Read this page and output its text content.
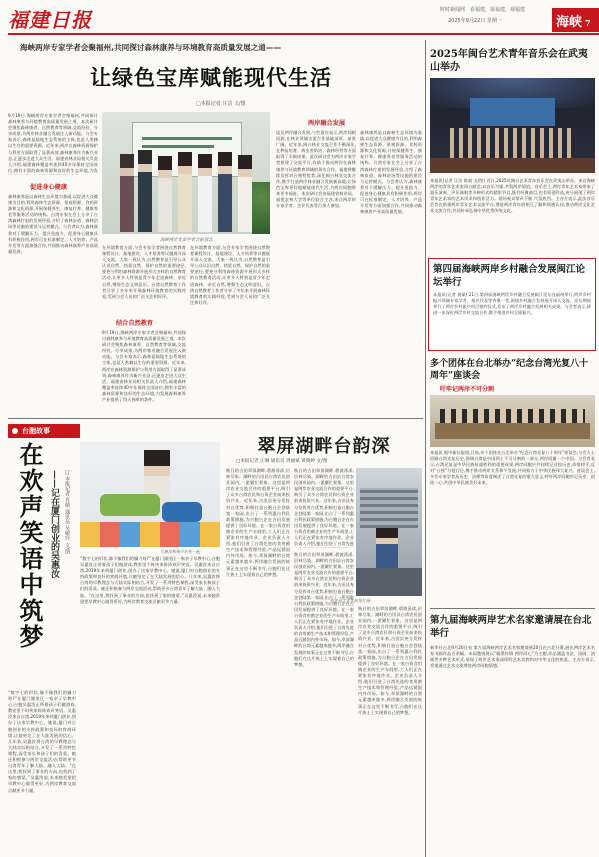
福建日报	时时新闻网 看福建，报福建，观福建
2025年9月22日 星期一	海峡 7
海峡两岸专家学者会聚福州,共同探讨森林康养与环境教育高质量发展之道——
让绿色宝库赋能现代生活
□本报记者 汪洁 文/图
9月19日,海峡两岸专家学者会聚福州,共同探讨森林康养与环境教育高质量发展之道。本次研讨会聚焦森林康养、自然教育等领域,交流经验、分享成果,为两岸林业融合发展注入新动能。与会专家表示,森林是陆地生态系统的主体,也是人类赖以生存的重要资源。近年来,两岸在森林资源保护与利用方面取得了显著成效,森林康养作为新兴业态,正逐步走进大众生活。福建省林业局相关负责人介绍,福建森林覆盖率连续40多年保持全国首位,拥有丰富的森林资源和良好的生态环境,为发
促进身心健康
森林康养是以森林生态环境为基础,以促进大众健康为目的,利用森林生态资源、景观资源、食药资源和文化资源,开展保健养生、康复疗养、健康养老等服务活动的统称。台湾专家在会上分享了台湾森林疗愈的发展经验,介绍了森林步道、森林浴场等设施的建设与运营模式。与会者认为,森林康养对于缓解压力、提升免疫力、促进身心健康具有积极作用,两岸可在标准制定、人才培养、产品开发等方面加强合作,共同推动森林康养产业高质量发展。
海峡两岸专家学者合影留念
在环境教育方面,与会专家学者围绕自然教育课程设计、基地建设、人才培养等议题展开深入交流。大家一致认为,自然教育是引导公众认识自然、热爱自然、保护自然的重要途径,要充分利用森林资源开展形式多样的自然教育活动,让更多人特别是青少年走进森林、亲近自然,增强生态文明意识。台湾自然教育工作者分享了多年来开展森林环境教育的实践经验,受到与会人员的广泛关注和好评。
结合自然教育
9月19日,海峡两岸专家学者会聚福州,共同探讨森林康养与环境教育高质量发展之道。本次研讨会聚焦森林康养、自然教育等领域,交流经验、分享成果,为两岸林业融合发展注入新动能。与会专家表示,森林是陆地生态系统的主体,也是人类赖以生存的重要资源。近年来,两岸在森林资源保护与利用方面取得了显著成效,森林康养作为新兴业态,正逐步走进大众生活。福建省林业局相关负责人介绍,福建森林覆盖率连续40多年保持全国首位,拥有丰富的森林资源和良好的生态环境,为发展森林康养产业提供了得天独厚的条件。
在环境教育方面,与会专家学者围绕自然教育课程设计、基地建设、人才培养等议题展开深入交流。大家一致认为,自然教育是引导公众认识自然、热爱自然、保护自然的重要途径,要充分利用森林资源开展形式多样的自然教育活动,让更多人特别是青少年走进森林、亲近自然,增强生态文明意识。台湾自然教育工作者分享了多年来开展森林环境教育的实践经验,受到与会人员的广泛关注和好评。
两岸融合发展
谈及两岸融合发展,与会嘉宾表示,两岸同根同源,在林业领域交流合作基础深厚、前景广阔。近年来,闽台林业交流合作不断深化,在种苗培育、病虫害防治、森林经营等方面取得了丰硕成果。此次研讨会为两岸专家学者搭建了交流平台,有助于推动两岸在森林康养与环境教育领域的务实合作。福建将继续发挥对台独特优势,深化闽台林业交流合作,携手打造两岸林业融合发展新高地,让绿色宝库更好地赋能现代生活,为两岸同胞带来更多福祉。本次研讨会由福建省林业局、福建农林大学等单位联合主办,来自两岸的专家学者、企业代表等百余人参加。
森林康养是以森林生态环境为基础,以促进大众健康为目的,利用森林生态资源、景观资源、食药资源和文化资源,开展保健养生、康复疗养、健康养老等服务活动的统称。台湾专家在会上分享了台湾森林疗愈的发展经验,介绍了森林步道、森林浴场等设施的建设与运营模式。与会者认为,森林康养对于缓解压力、提升免疫力、促进身心健康具有积极作用,两岸可在标准制定、人才培养、产品开发等方面加强合作,共同推动森林康养产业高质量发展。
2025年闽台艺术青年音乐会在武夷山举办
本报讯(记者 汪洁 陈斌 文/图) 近日,2025年闽台艺术青年音乐会在武夷山举办。来自海峡两岸的青年艺术家同台献艺,以音乐为媒,共叙两岸情谊。音乐会上,两岸青年艺术家带来了器乐演奏、声乐演唱等多种形式的精彩节目,既有经典曲目,也有原创作品,充分展现了两岸青年艺术家的艺术风采和创作活力。现场观众掌声不断,气氛热烈。主办方表示,此次音乐会旨在搭建两岸青年艺术交流平台,增进两岸青年的相互了解和情感认同,推动两岸文化艺术交流合作,共同传承弘扬中华优秀传统文化。
第四届海峡两岸乡村融合发展闽江论坛举行
本报讯(记者 祝斌) 21日,第四届海峡两岸乡村融合发展闽江论坛在福州举行,两岸乡村振兴领域专家学者、基层代表等齐聚一堂,围绕乡村融合发展展开深入交流。论坛期间举行了两岸乡村振兴项目签约仪式,发布了两岸乡村融合发展相关成果。与会者表示,将进一步深化两岸乡村交流合作,携手推进乡村全面振兴。
多个团体在台北举办“纪念台湾光复八十周年”座谈会
吁牢记两岸不可分割
本报讯 据中新社报道,日前,多个团体在台北举办“纪念台湾光复八十周年”座谈会,与会人士回顾台湾光复历史,强调台湾是中国领土不可分割的一部分,两岸同属一个中国。与会者表示,台湾光复是中华民族抗战胜利的重要成果,两岸同胞应共同铭记这段历史,珍惜和平,反对“台独”分裂行径,携手推动两岸关系和平发展,共同致力于中华民族伟大复兴。座谈会上,多位专家学者从历史、法理等角度阐述了台湾光复的重大意义,呼吁两岸同胞牢记历史、团结一心,共创中华民族美好未来。
第九届海峡两岸艺术名家邀请展在台北举行
新华社台北9月20日电 第九届海峡两岸艺术名家邀请展20日在台北开幕,展出两岸艺术名家书画作品百余幅。本届邀请展以“翰墨传情 两岸同心”为主题,作品涵盖书法、国画、油画等多种艺术形式,展现了两岸艺术家深厚的艺术功底和对中华文化的热爱。主办方表示,希望通过艺术交流增进两岸同胞情感。
台胞故事
在欢声笑语中筑梦 ——记在厦门创业的吴惠汝	□本报记者 肖榕 通讯员 吴敏玲 文/图	吴惠汝和孩子们在一起
“数字七的形状,像不像我们的镰刀呀?”在厦门湖里区一家亲子早教中心,台胞吴惠汝正带着孩子们做游戏,教室里不时传来阵阵欢声笑语。吴惠汝来自台湾,2019年来到厦门创业,创办了这家早教中心。她说,厦门对台胞创业的支持政策和良好的营商环境,让她坚定了在大陆发展的信心。几年来,吴惠汝将台湾的早教理念与大陆实际相结合,开发了一系列特色课程,深受家长和孩子们的喜爱。她还积极参与两岸交流活动,帮助更多台湾青年了解大陆、融入大陆。“在这里,我找到了事业的方向,也找到了家的感觉。”吴惠汝说,未来她希望把早教中心做得更好,为两岸教育交流贡献更多力量。
“数字七的形状,像不像我们的镰刀呀?”在厦门湖里区一家亲子早教中心,台胞吴惠汝正带着孩子们做游戏,教室里不时传来阵阵欢声笑语。吴惠汝来自台湾,2019年来到厦门创业,创办了这家早教中心。她说,厦门对台胞创业的支持政策和良好的营商环境,让她坚定了在大陆发展的信心。几年来,吴惠汝将台湾的早教理念与大陆实际相结合,开发了一系列特色课程,深受家长和孩子们的喜爱。她还积极参与两岸交流活动,帮助更多台湾青年了解大陆、融入大陆。“在这里,我找到了事业的方向,也找到了家的感觉。”吴惠汝说,未来她希望把早教中心做得更好,为两岸教育交流贡献更多力量。
翠屏湖畔台韵深
□本报记者 庄琳 通讯员 周丽斌 黄晓婷 文/图
秋日的古田翠屏湖畔,碧波荡漾,层林尽染。湖畔的古田县台湾农民创业园内,一派繁忙景象。这里是两岸农业交流合作的重要平台,吸引了众多台湾农民和台资企业前来投资兴业。近年来,古田县充分发挥对台优势,积极打造台胞台企登陆第一家园,出台了一系列惠台利民政策措施,为台胞台企在古田发展提供了良好环境。在一家台资食用菌企业的生产车间里,工人们正在紧张有序地作业。企业负责人介绍,他们引进了台湾先进的食用菌生产技术和管理经验,产品远销国内外市场。如今,翠屏湖畔的台湾元素越来越多,两岸融合发展的故事正在这里不断书写,台胞们在这片热土上实现着自己的梦想。
秋日的古田翠屏湖畔,碧波荡漾,层林尽染。湖畔的古田县台湾农民创业园内,一派繁忙景象。这里是两岸农业交流合作的重要平台,吸引了众多台湾农民和台资企业前来投资兴业。近年来,古田县充分发挥对台优势,积极打造台胞台企登陆第一家园,出台了一系列惠台利民政策措施,为台胞台企在古田发展提供了良好环境。在一家台资食用菌企业的生产车间里,工人们正在紧张有序地作业。企业负责人介绍,他们引进了台湾先进
台企员工在车间里忙碌
秋日的古田翠屏湖畔,碧波荡漾,层林尽染。湖畔的古田县台湾农民创业园内,一派繁忙景象。这里是两岸农业交流合作的重要平台,吸引了众多台湾农民和台资企业前来投资兴业。近年来,古田县充分发挥对台优势,积极打造台胞台企登陆第一家园,出台了一系列惠台利民政策措施,为台胞台企在古田发展提供了良好环境。在一家台资食用菌企业的生产车间里,工人们正在紧张有序地作业。企业负责人介绍,他们引进了台湾先进的食用菌生产技术和管理经验,产品远销国内外市场。如今,翠屏湖畔的台湾元素越来越多,两岸融合发展的故事正在这里不断书写,台胞们在这片热土上实现着自己的梦想。
秋日的古田翠屏湖畔,碧波荡漾,层林尽染。湖畔的古田县台湾农民创业园内,一派繁忙景象。这里是两岸农业交流合作的重要平台,吸引了众多台湾农民和台资企业前来投资兴业。近年来,古田县充分发挥对台优势,积极打造台胞台企登陆第一家园,出台了一系列惠台利民政策措施,为台胞台企在古田发展提供了良好环境。在一家台资食用菌企业的生产车间里,工人们正在紧张有序地作业。企业负责人介绍,他们引进了台湾先进的食用菌生产技术和管理经验,产品远销国内外市场。如今,翠屏湖畔的台湾元素越来越多,两岸融合发展的故事正在这里不断书写,台胞们在这片热土上实现着自己的梦想。
